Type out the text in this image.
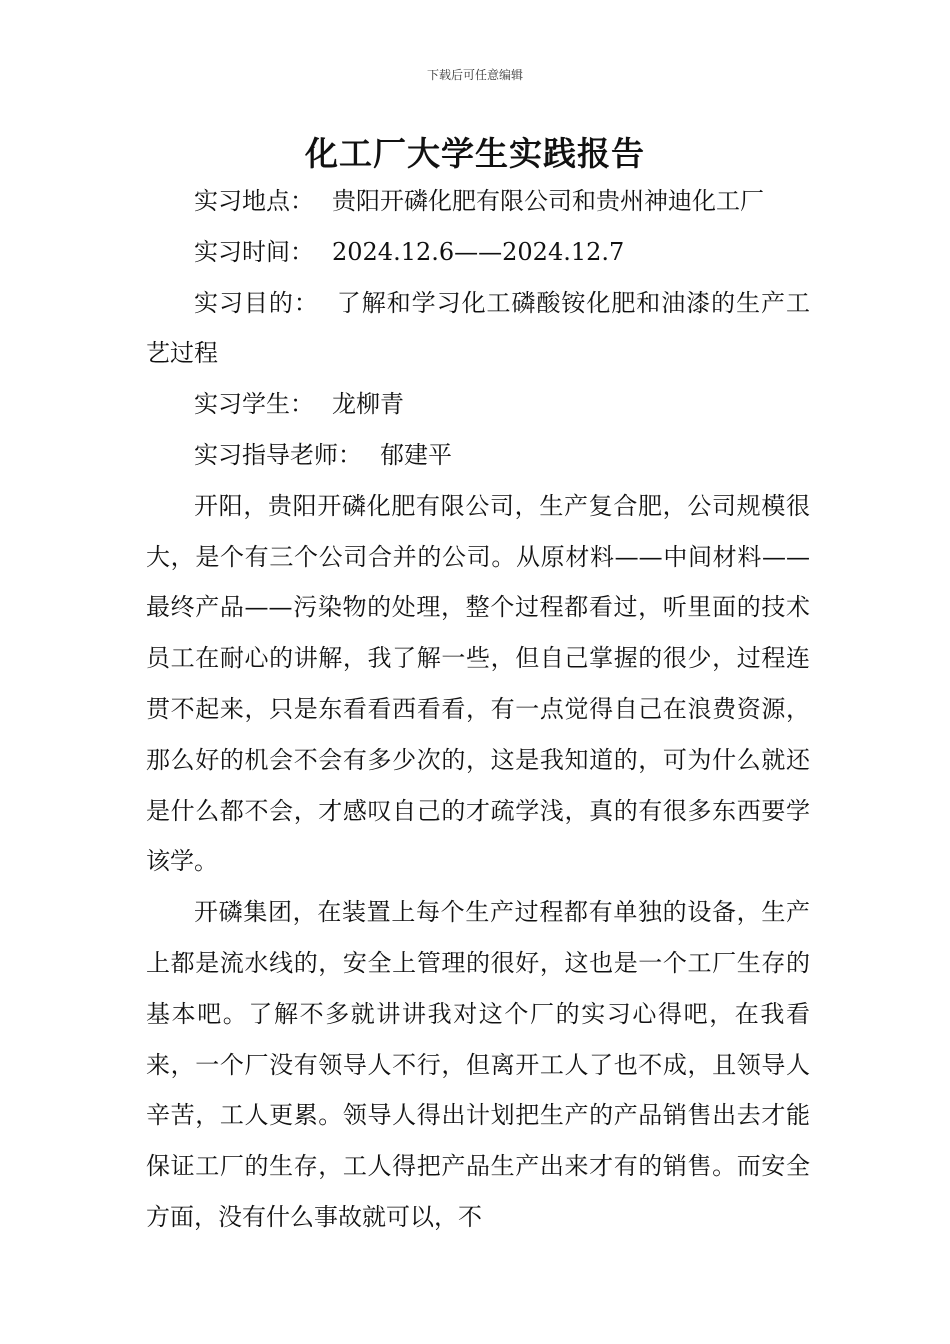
下载后可任意编辑
化工厂大学生实践报告

实习地点： 贵阳开磷化肥有限公司和贵州神迪化工厂

实习时间： 2024.12.6——2024.12.7

实习目的： 了解和学习化工磷酸铵化肥和油漆的生产工艺过程

实习学生： 龙柳青

实习指导老师： 郁建平

开阳，贵阳开磷化肥有限公司，生产复合肥，公司规模很大，是个有三个公司合并的公司。从原材料——中间材料——最终产品——污染物的处理，整个过程都看过，听里面的技术员工在耐心的讲解，我了解一些，但自己掌握的很少，过程连贯不起来，只是东看看西看看，有一点觉得自己在浪费资源，那么好的机会不会有多少次的，这是我知道的，可为什么就还是什么都不会，才感叹自己的才疏学浅，真的有很多东西要学该学。

开磷集团，在装置上每个生产过程都有单独的设备，生产上都是流水线的，安全上管理的很好，这也是一个工厂生存的基本吧。了解不多就讲讲我对这个厂的实习心得吧，在我看来，一个厂没有领导人不行，但离开工人了也不成，且领导人辛苦，工人更累。领导人得出计划把生产的产品销售出去才能保证工厂的生存，工人得把产品生产出来才有的销售。而安全方面，没有什么事故就可以，不
